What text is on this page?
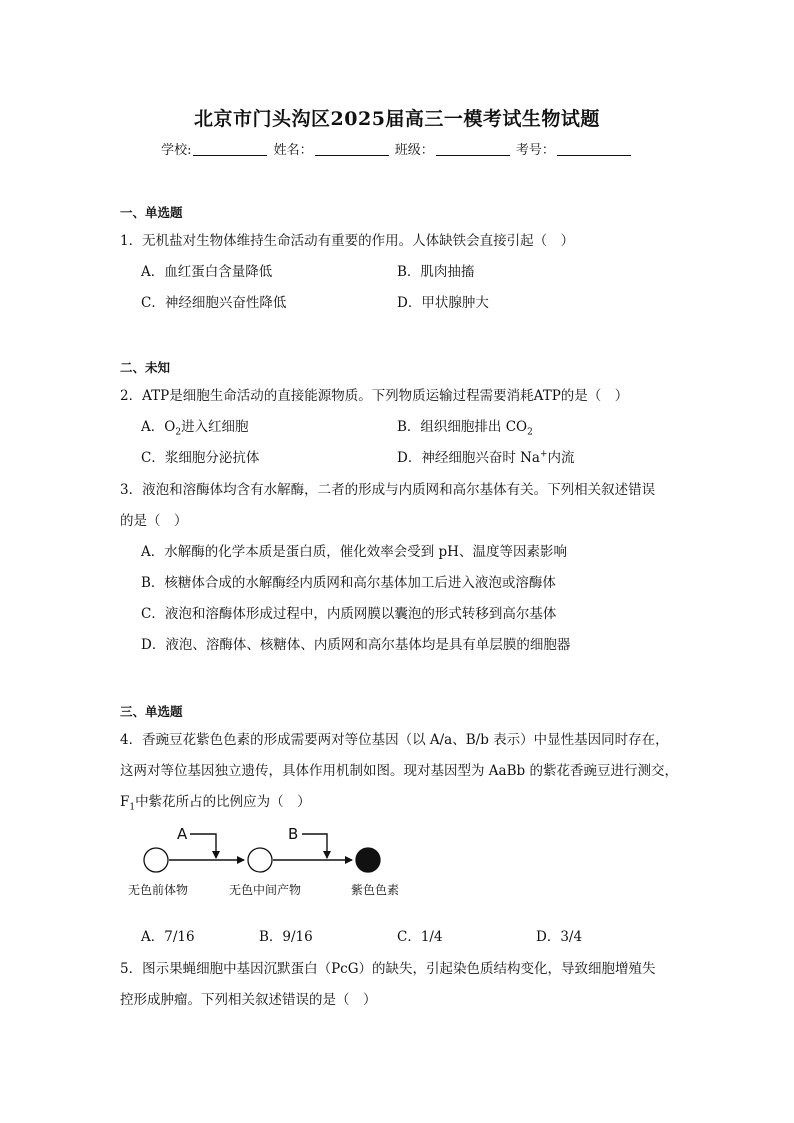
北京市门头沟区2025届高三一模考试生物试题
学校:	姓名：	班级：	考号：
一、单选题
1．无机盐对生物体维持生命活动有重要的作用。人体缺铁会直接引起（　）
A．血红蛋白含量降低	B．肌肉抽搐
C．神经细胞兴奋性降低	D．甲状腺肿大
二、未知
2．ATP是细胞生命活动的直接能源物质。下列物质运输过程需要消耗ATP的是（　）
A．$O_2$进入红细胞	B．组织细胞排出 $CO_2$
C．浆细胞分泌抗体	D．神经细胞兴奋时 Na+内流
3．液泡和溶酶体均含有水解酶，二者的形成与内质网和高尔基体有关。下列相关叙述错误
的是（　）
A．水解酶的化学本质是蛋白质，催化效率会受到 pH、温度等因素影响
B．核糖体合成的水解酶经内质网和高尔基体加工后进入液泡或溶酶体
C．液泡和溶酶体形成过程中，内质网膜以囊泡的形式转移到高尔基体
D．液泡、溶酶体、核糖体、内质网和高尔基体均是具有单层膜的细胞器
三、单选题
4．香豌豆花紫色色素的形成需要两对等位基因（以 A/a、B/b 表示）中显性基因同时存在，
这两对等位基因独立遗传，具体作用机制如图。现对基因型为 AaBb 的紫花香豌豆进行测交，
$F_1$中紫花所占的比例应为（　）
A	B
无色前体物	无色中间产物	紫色色素
A．7/16	B．9/16	C．1/4	D．3/4
5．图示果蝇细胞中基因沉默蛋白（PcG）的缺失，引起染色质结构变化，导致细胞增殖失
控形成肿瘤。下列相关叙述错误的是（　）
